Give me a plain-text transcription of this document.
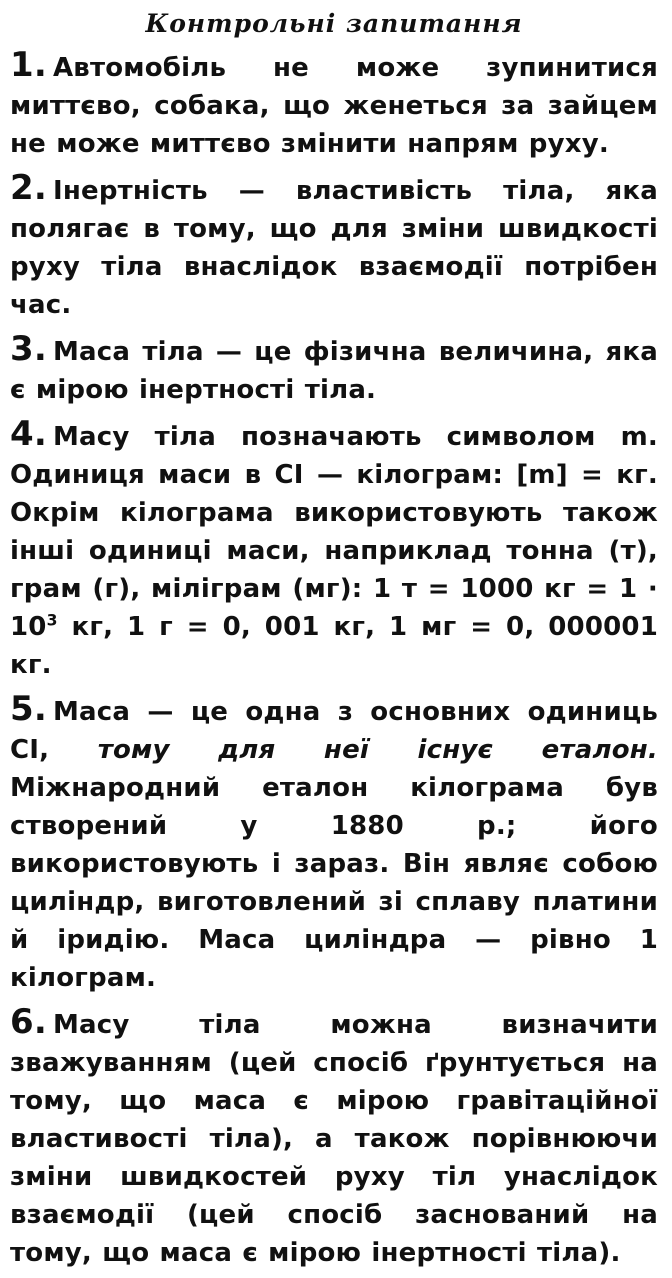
Контрольні запитання

1 . Автомобіль не може зупинитися миттєво, собака, що женеться за зайцем не може миттєво змінити напрям руху.

2 . Інертність — властивість тіла, яка полягає в тому, що для зміни швидкості руху тіла внаслідок взаємодії потрібен час.

3 . Маса тіла — це фізична величина, яка є мірою інертності тіла.

4 . Масу тіла позначають символом m. Одиниця маси в СІ — кілограм: [m] = кг. Окрім кілограма використовують також інші одиниці маси, наприклад тонна (т), грам (г), міліграм (мг): 1 т = 1000 кг = $1 \cdot 10^3$ кг, 1 г = 0, 001 кг, 1 мг = 0, 000001 кг.

5 . Маса — це одна з основних одиниць СІ, тому для неї існує еталон. Міжнародний еталон кілограма був створений у 1880 р.; його використовують і зараз. Він являє собою циліндр, виготовлений зі сплаву платини й іридію. Маса циліндра — рівно 1 кілограм.

6 . Масу тіла можна визначити зважуванням (цей спосіб ґрунтується на тому, що маса є мірою гравітаційної властивості тіла), а також порівнюючи зміни швидкостей руху тіл унаслідок взаємодії (цей спосіб заснований на тому, що маса є мірою інертності тіла).
